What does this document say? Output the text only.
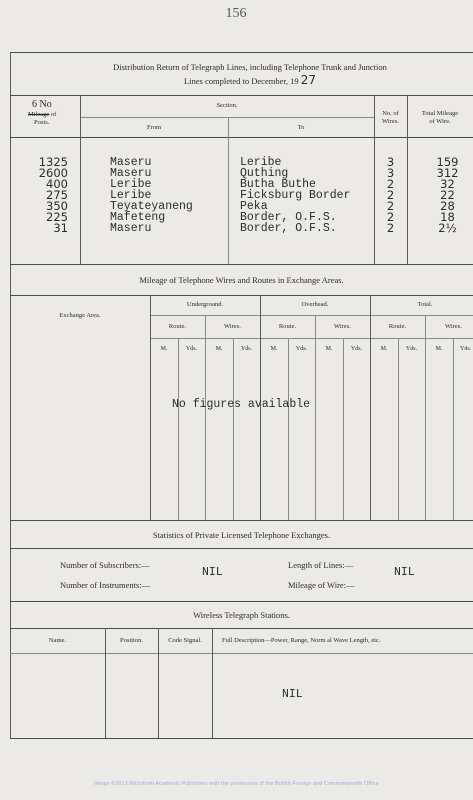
156
Distribution Return of Telegraph Lines, including Telephone Trunk and Junction
Lines completed to December, 19 27
6 No
Mileage of
Posts.
Section.
From	To
No. of
Wires.
Total Mileage
of Wire.
1325	Maseru	Leribe	3	159
2600	Maseru	Quthing	3	312
400	Leribe	Butha Buthe	2	32
275	Leribe	Ficksburg Border	2	22
350	Teyateyaneng	Peka	2	28
225	Mafeteng	Border, O.F.S.	2	18
31	Maseru	Border, O.F.S.	2	2½
Mileage of Telephone Wires and Routes in Exchange Areas.
Exchange Area.
Underground.	Overhead.	Total.
Route.	Wires.	Route.	Wires.	Route.	Wires.
M.	Yds.	M.	Yds.	M.	Yds.	M.	Yds.	M.	Yds.	M.	Yds.
No figures available
Statistics of Private Licensed Telephone Exchanges.
Number of Subscribers:—
Number of Instruments:—
NIL
Length of Lines:—
Mileage of Wire:—
NIL
Wireless Telegraph Stations.
Name.	Position.	Code Signal.	Full Description—Power, Range, Norm al Wave Length, etc.
NIL
Image ©2013 Microform Academic Publishers with the permission of the British Foreign and Commonwealth Office
